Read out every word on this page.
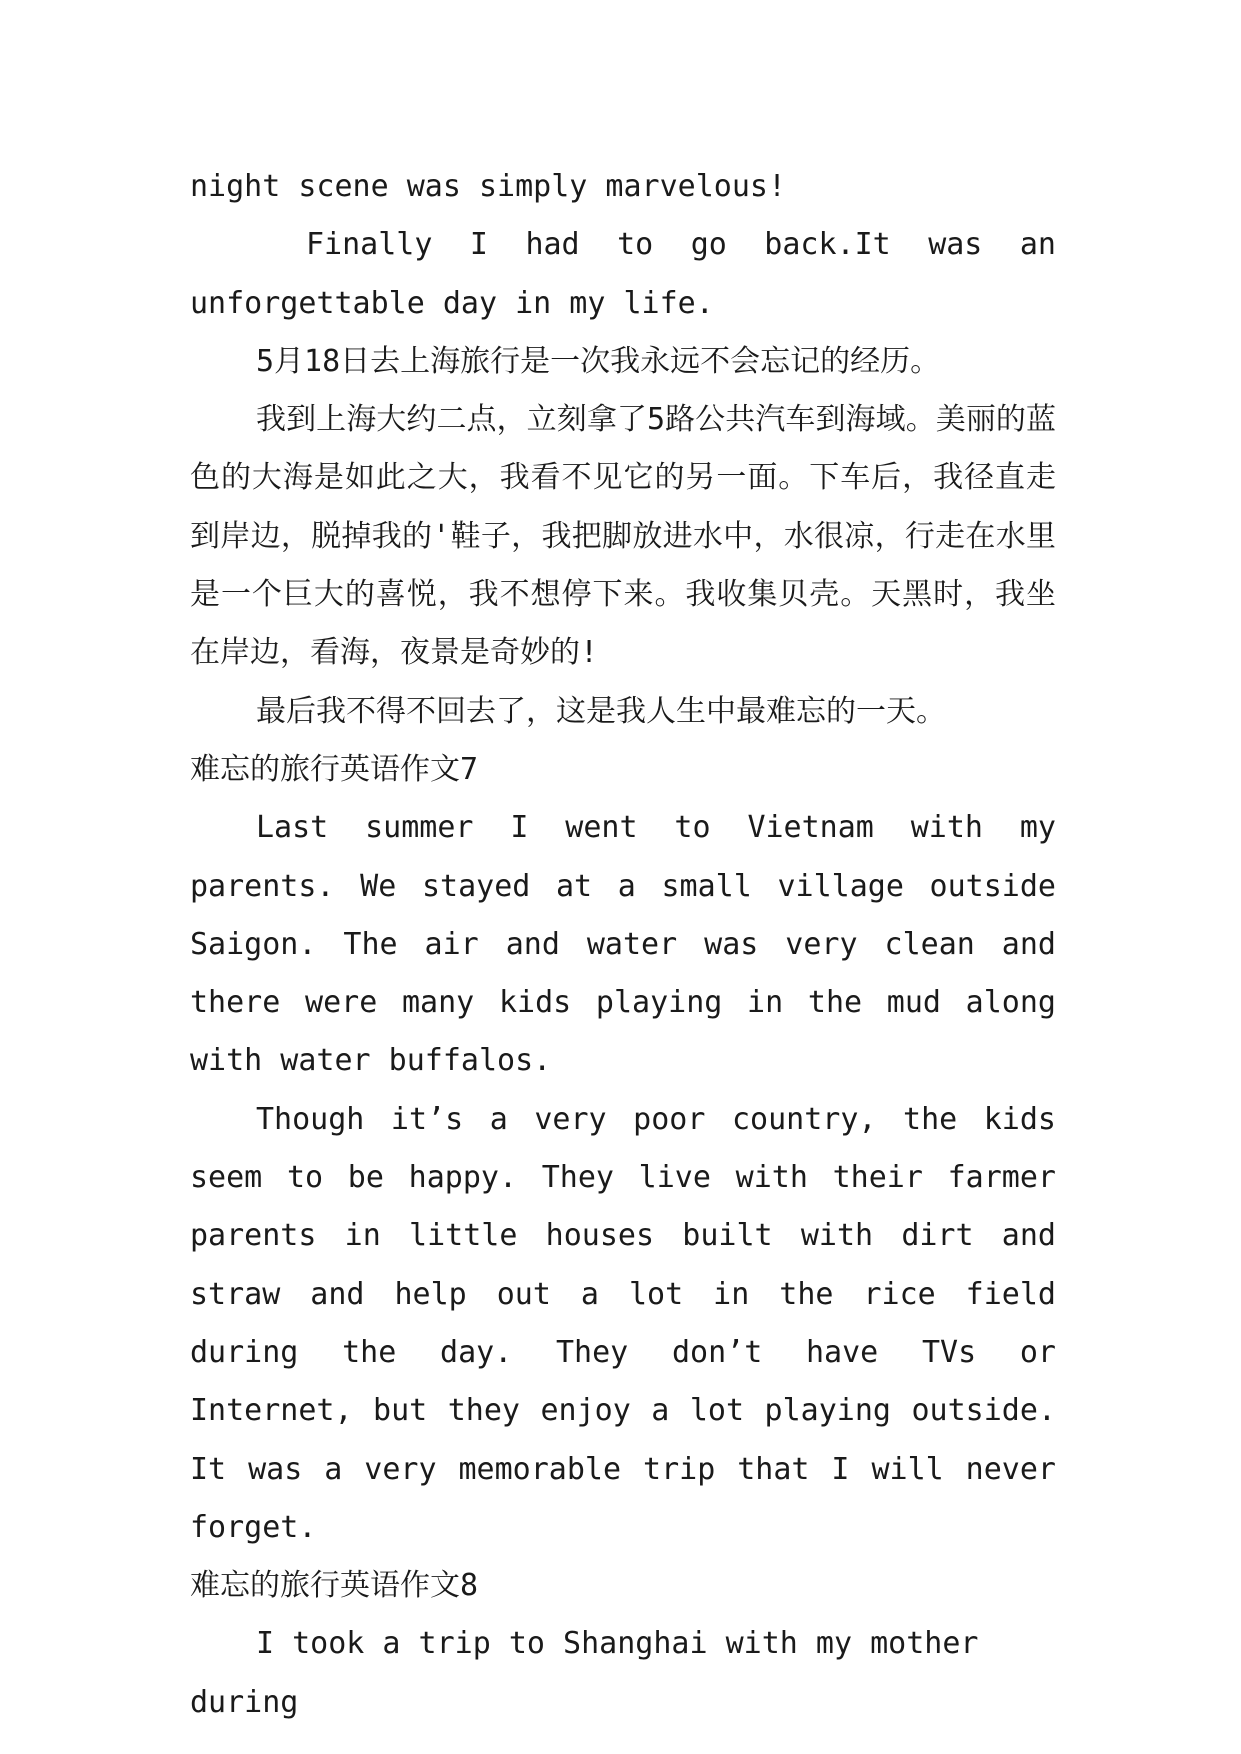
night scene was simply marvelous!

Finally I had to go back.It was an

unforgettable day in my life.

5月18日去上海旅行是一次我永远不会忘记的经历。

我到上海大约二点，立刻拿了5路公共汽车到海域。美丽的蓝色的大海是如此之大，我看不见它的另一面。下车后，我径直走到岸边，脱掉我的'鞋子，我把脚放进水中，水很凉，行走在水里是一个巨大的喜悦，我不想停下来。我收集贝壳。天黑时，我坐在岸边，看海，夜景是奇妙的!

最后我不得不回去了，这是我人生中最难忘的一天。

难忘的旅行英语作文7

Last summer I went to Vietnam with my parents. We stayed at a small village outside Saigon. The air and water was very clean and there were many kids playing in the mud along with water buffalos.

Though it’s a very poor country, the kids seem to be happy. They live with their farmer parents in little houses built with dirt and straw and help out a lot in the rice field during the day. They don’t have TVs or Internet, but they enjoy a lot playing outside. It was a very memorable trip that I will never forget.

难忘的旅行英语作文8

I took a trip to Shanghai with my mother during
